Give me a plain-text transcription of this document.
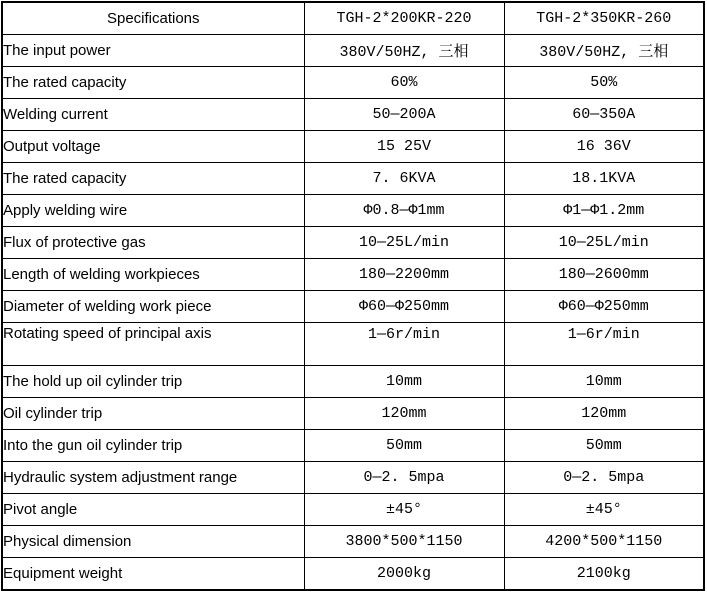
Specifications	TGH-2*200KR-220	TGH-2*350KR-260
The input power	380V/50HZ, 三相	380V/50HZ, 三相
The rated capacity	60%	50%
Welding current	50—200A	60—350A
Output voltage	15 25V	16 36V
The rated capacity	7. 6KVA	18.1KVA
Apply welding wire	Φ0.8—Φ1mm	Φ1—Φ1.2mm
Flux of protective gas	10—25L/min	10—25L/min
Length of welding workpieces	180—2200mm	180—2600mm
Diameter of welding work piece	Φ60—Φ250mm	Φ60—Φ250mm
Rotating speed of principal axis	1—6r/min	1—6r/min
The hold up oil cylinder trip	10mm	10mm
Oil cylinder trip	120mm	120mm
Into the gun oil cylinder trip	50mm	50mm
Hydraulic system adjustment range	0—2. 5mpa	0—2. 5mpa
Pivot angle	±45°	±45°
Physical dimension	3800*500*1150	4200*500*1150
Equipment weight	2000kg	2100kg
